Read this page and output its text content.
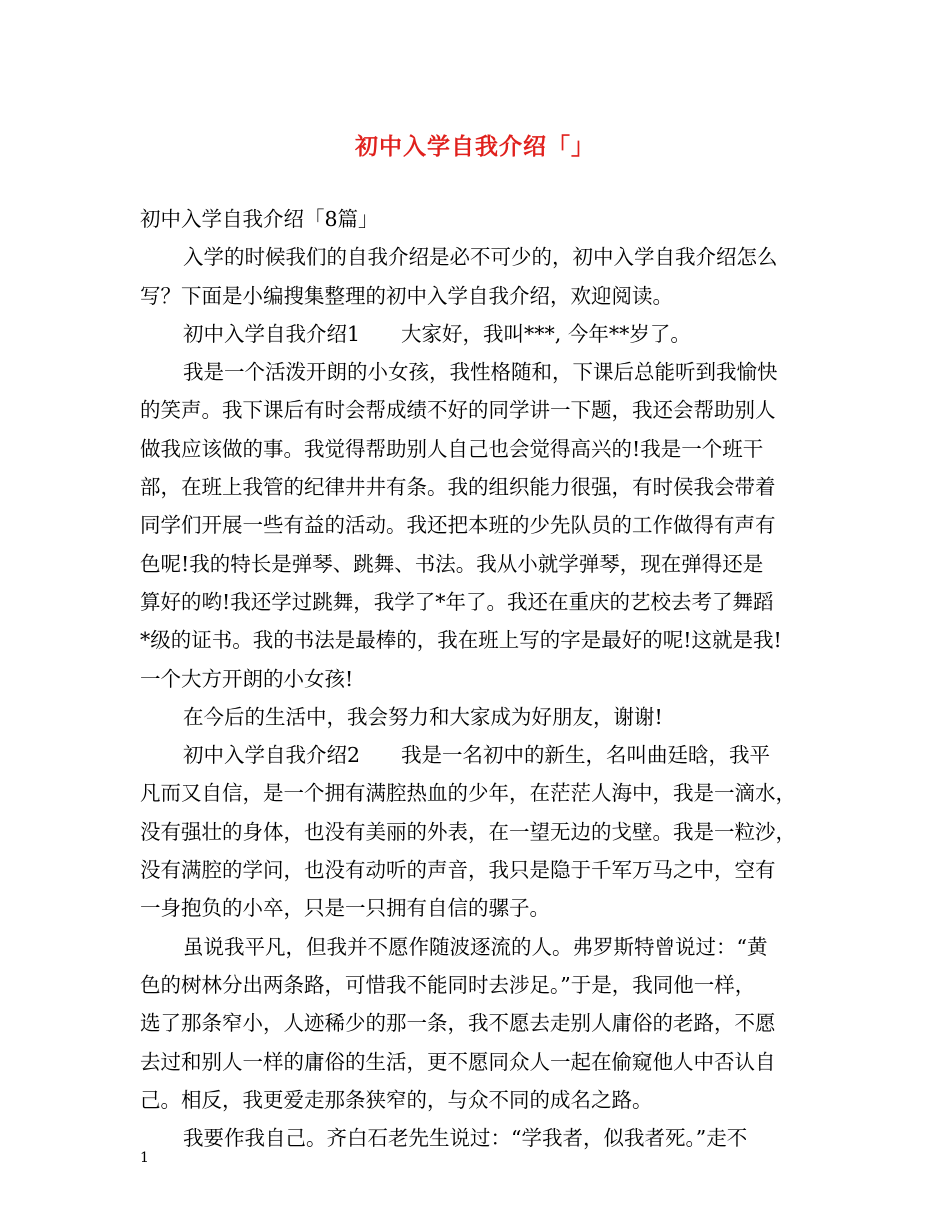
初中入学自我介绍「」
初中入学自我介绍「8篇」
入学的时候我们的自我介绍是必不可少的，初中入学自我介绍怎么
写？下面是小编搜集整理的初中入学自我介绍，欢迎阅读。
初中入学自我介绍1　　大家好，我叫***, 今年**岁了。
我是一个活泼开朗的小女孩，我性格随和，下课后总能听到我愉快
的笑声。我下课后有时会帮成绩不好的同学讲一下题，我还会帮助别人
做我应该做的事。我觉得帮助别人自己也会觉得高兴的!我是一个班干
部，在班上我管的纪律井井有条。我的组织能力很强，有时侯我会带着
同学们开展一些有益的活动。我还把本班的少先队员的工作做得有声有
色呢!我的特长是弹琴、跳舞、书法。我从小就学弹琴，现在弹得还是
算好的哟!我还学过跳舞，我学了*年了。我还在重庆的艺校去考了舞蹈
*级的证书。我的书法是最棒的，我在班上写的字是最好的呢!这就是我!
一个大方开朗的小女孩!
在今后的生活中，我会努力和大家成为好朋友，谢谢!
初中入学自我介绍2　　我是一名初中的新生，名叫曲廷晗，我平
凡而又自信，是一个拥有满腔热血的少年，在茫茫人海中，我是一滴水，
没有强壮的身体，也没有美丽的外表，在一望无边的戈壁。我是一粒沙，
没有满腔的学问，也没有动听的声音，我只是隐于千军万马之中，空有
一身抱负的小卒，只是一只拥有自信的骡子。
虽说我平凡，但我并不愿作随波逐流的人。弗罗斯特曾说过：“黄
色的树林分出两条路，可惜我不能同时去涉足。”于是，我同他一样，
选了那条窄小，人迹稀少的那一条，我不愿去走别人庸俗的老路，不愿
去过和别人一样的庸俗的生活，更不愿同众人一起在偷窥他人中否认自
己。相反，我更爱走那条狭窄的，与众不同的成名之路。
我要作我自己。齐白石老先生说过：“学我者，似我者死。”走不
1
